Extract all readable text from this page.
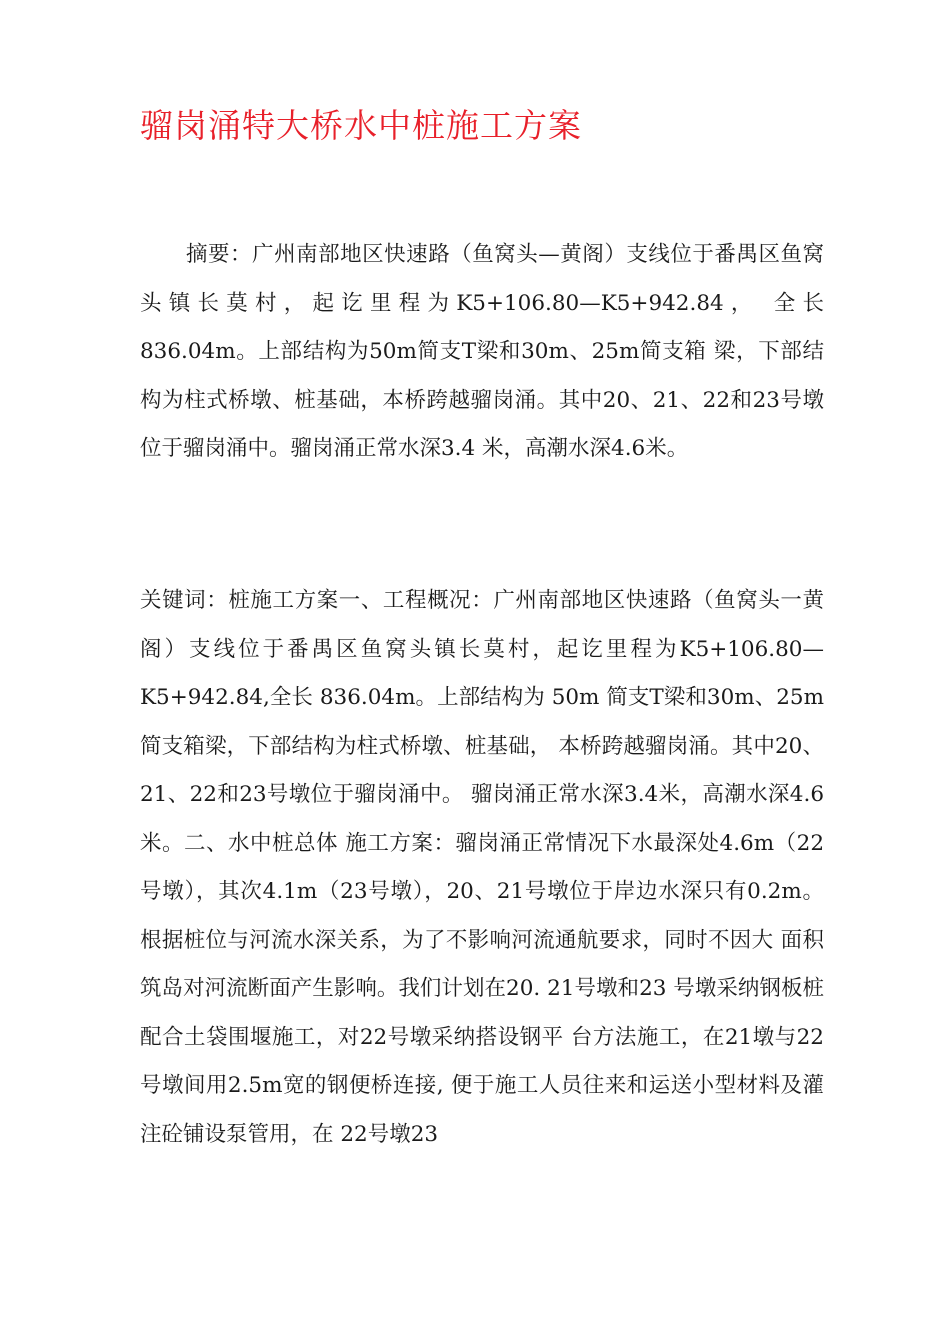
骝岗涌特大桥水中桩施工方案

摘要：广州南部地区快速路（鱼窝头—黄阁）支线位于番禺区鱼窝头镇长莫村，起讫里程为K5+106.80—K5+942.84， 全长836.04m。上部结构为50m简支T梁和30m、25m简支箱 梁，下部结构为柱式桥墩、桩基础，本桥跨越骝岗涌。其中20、21、22和23号墩位于骝岗涌中。骝岗涌正常水深3.4 米，高潮水深4.6米。

关键词：桩施工方案一、工程概况：广州南部地区快速路（鱼窝头一黄阁）支线位于番禺区鱼窝头镇长莫村，起讫里程为K5+106.80—K5+942.84,全长 836.04m。上部结构为 50m 简支T梁和30m、25m简支箱梁，下部结构为柱式桥墩、桩基础， 本桥跨越骝岗涌。其中20、21、22和23号墩位于骝岗涌中。 骝岗涌正常水深3.4米，高潮水深4.6米。二、水中桩总体 施工方案：骝岗涌正常情况下水最深处4.6m（22号墩），其次4.1m（23号墩），20、21号墩位于岸边水深只有0.2m。根据桩位与河流水深关系，为了不影响河流通航要求，同时不因大 面积筑岛对河流断面产生影响。我们计划在20. 21号墩和23 号墩采纳钢板桩配合土袋围堰施工，对22号墩采纳搭设钢平 台方法施工，在21墩与22号墩间用2.5m宽的钢便桥连接, 便于施工人员往来和运送小型材料及灌注砼铺设泵管用，在 22号墩23
